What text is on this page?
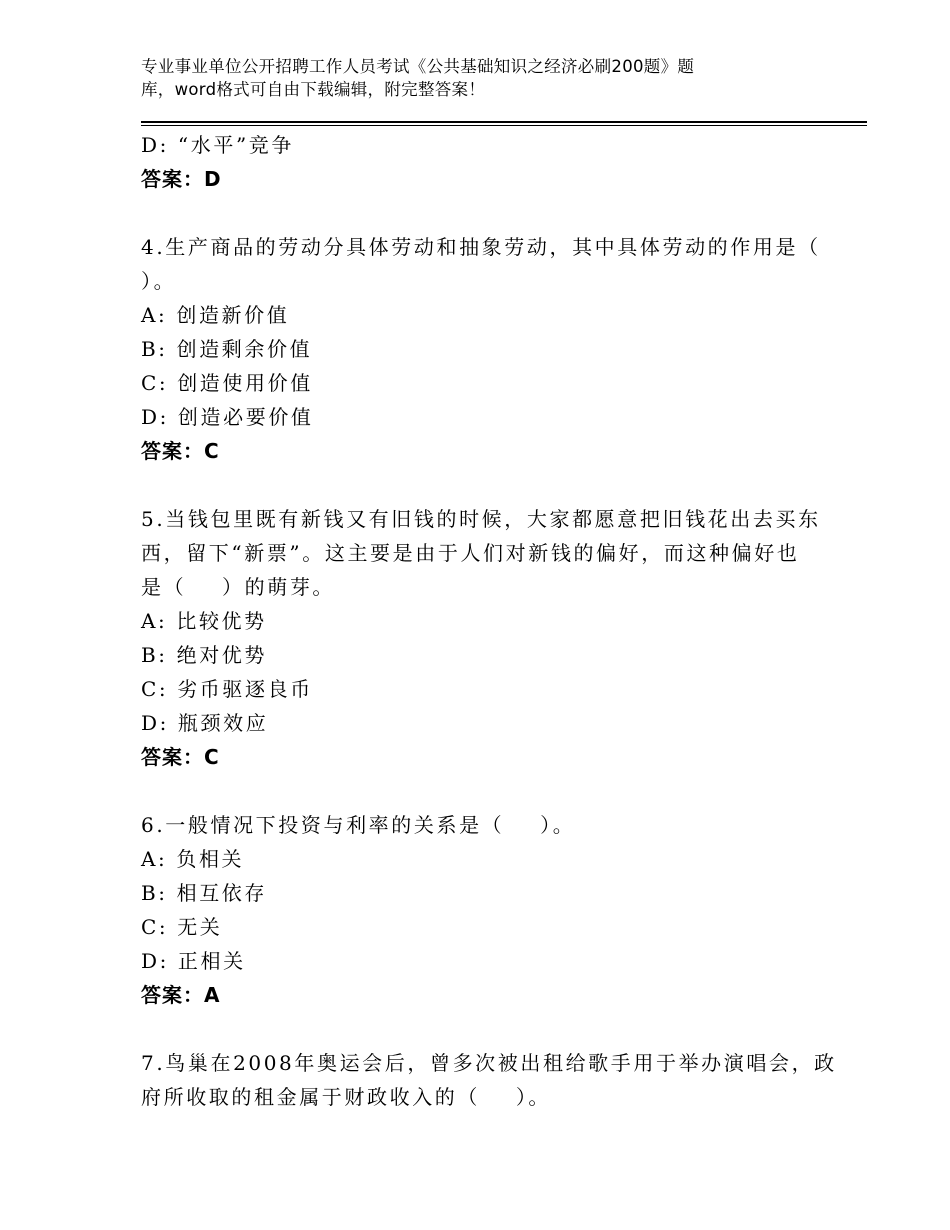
专业事业单位公开招聘工作人员考试《公共基础知识之经济必刷200题》题
库，word格式可自由下载编辑，附完整答案！
D: “水平”竞争
答案：D
4.生产商品的劳动分具体劳动和抽象劳动，其中具体劳动的作用是（
）。
A: 创造新价值
B: 创造剩余价值
C: 创造使用价值
D: 创造必要价值
答案：C
5.当钱包里既有新钱又有旧钱的时候，大家都愿意把旧钱花出去买东
西，留下“新票”。这主要是由于人们对新钱的偏好，而这种偏好也
是（    ）的萌芽。
A: 比较优势
B: 绝对优势
C: 劣币驱逐良币
D: 瓶颈效应
答案：C
6.一般情况下投资与利率的关系是（    ）。
A: 负相关
B: 相互依存
C: 无关
D: 正相关
答案：A
7.鸟巢在2008年奥运会后，曾多次被出租给歌手用于举办演唱会，政
府所收取的租金属于财政收入的（    ）。
